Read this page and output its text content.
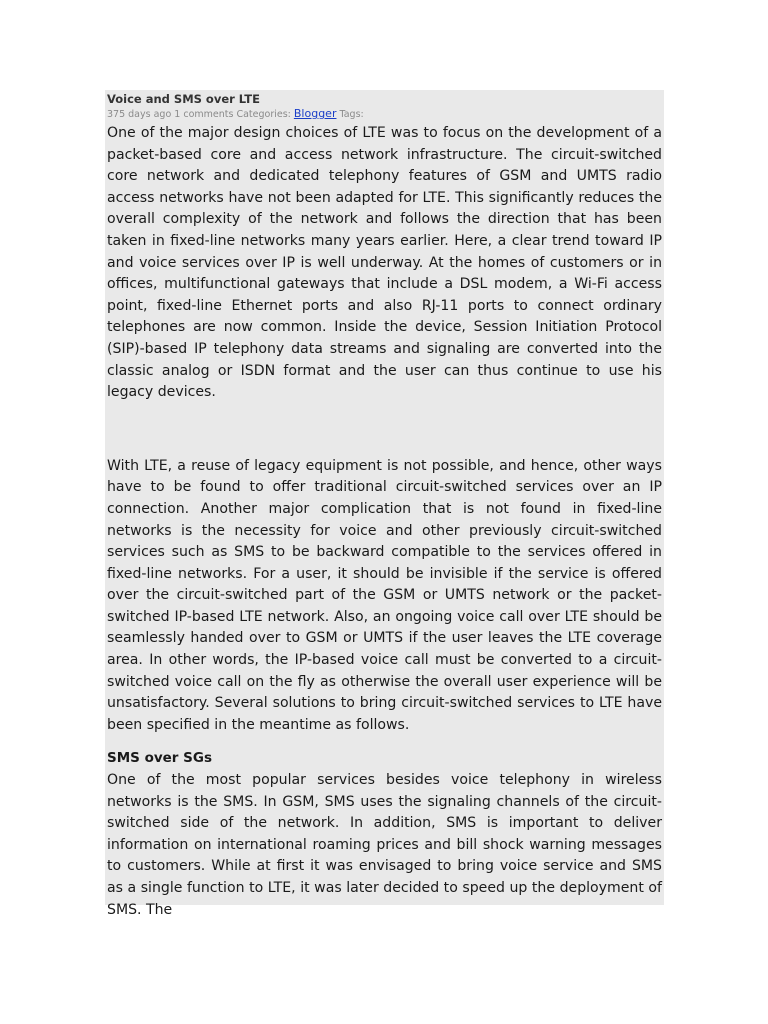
Voice and SMS over LTE

375 days ago 1 comments Categories: Blogger Tags:

One of the major design choices of LTE was to focus on the development of a packet-based core and access network infrastructure. The circuit-switched core network and dedicated telephony features of GSM and UMTS radio access networks have not been adapted for LTE. This significantly reduces the overall complexity of the network and follows the direction that has been taken in fixed-line networks many years earlier. Here, a clear trend toward IP and voice services over IP is well underway. At the homes of customers or in offices, multifunctional gateways that include a DSL modem, a Wi-Fi access point, fixed-line Ethernet ports and also RJ-11 ports to connect ordinary telephones are now common. Inside the device, Session Initiation Protocol (SIP)-based IP telephony data streams and signaling are converted into the classic analog or ISDN format and the user can thus continue to use his legacy devices.

With LTE, a reuse of legacy equipment is not possible, and hence, other ways have to be found to offer traditional circuit-switched services over an IP connection. Another major complication that is not found in fixed-line networks is the necessity for voice and other previously circuit-switched services such as SMS to be backward compatible to the services offered in fixed-line networks. For a user, it should be invisible if the service is offered over the circuit-switched part of the GSM or UMTS network or the packet-switched IP-based LTE network. Also, an ongoing voice call over LTE should be seamlessly handed over to GSM or UMTS if the user leaves the LTE coverage area. In other words, the IP-based voice call must be converted to a circuit-switched voice call on the fly as otherwise the overall user experience will be unsatisfactory. Several solutions to bring circuit-switched services to LTE have been specified in the meantime as follows.

SMS over SGs

One of the most popular services besides voice telephony in wireless networks is the SMS. In GSM, SMS uses the signaling channels of the circuit-switched side of the network. In addition, SMS is important to deliver information on international roaming prices and bill shock warning messages to customers. While at first it was envisaged to bring voice service and SMS as a single function to LTE, it was later decided to speed up the deployment of SMS. The
